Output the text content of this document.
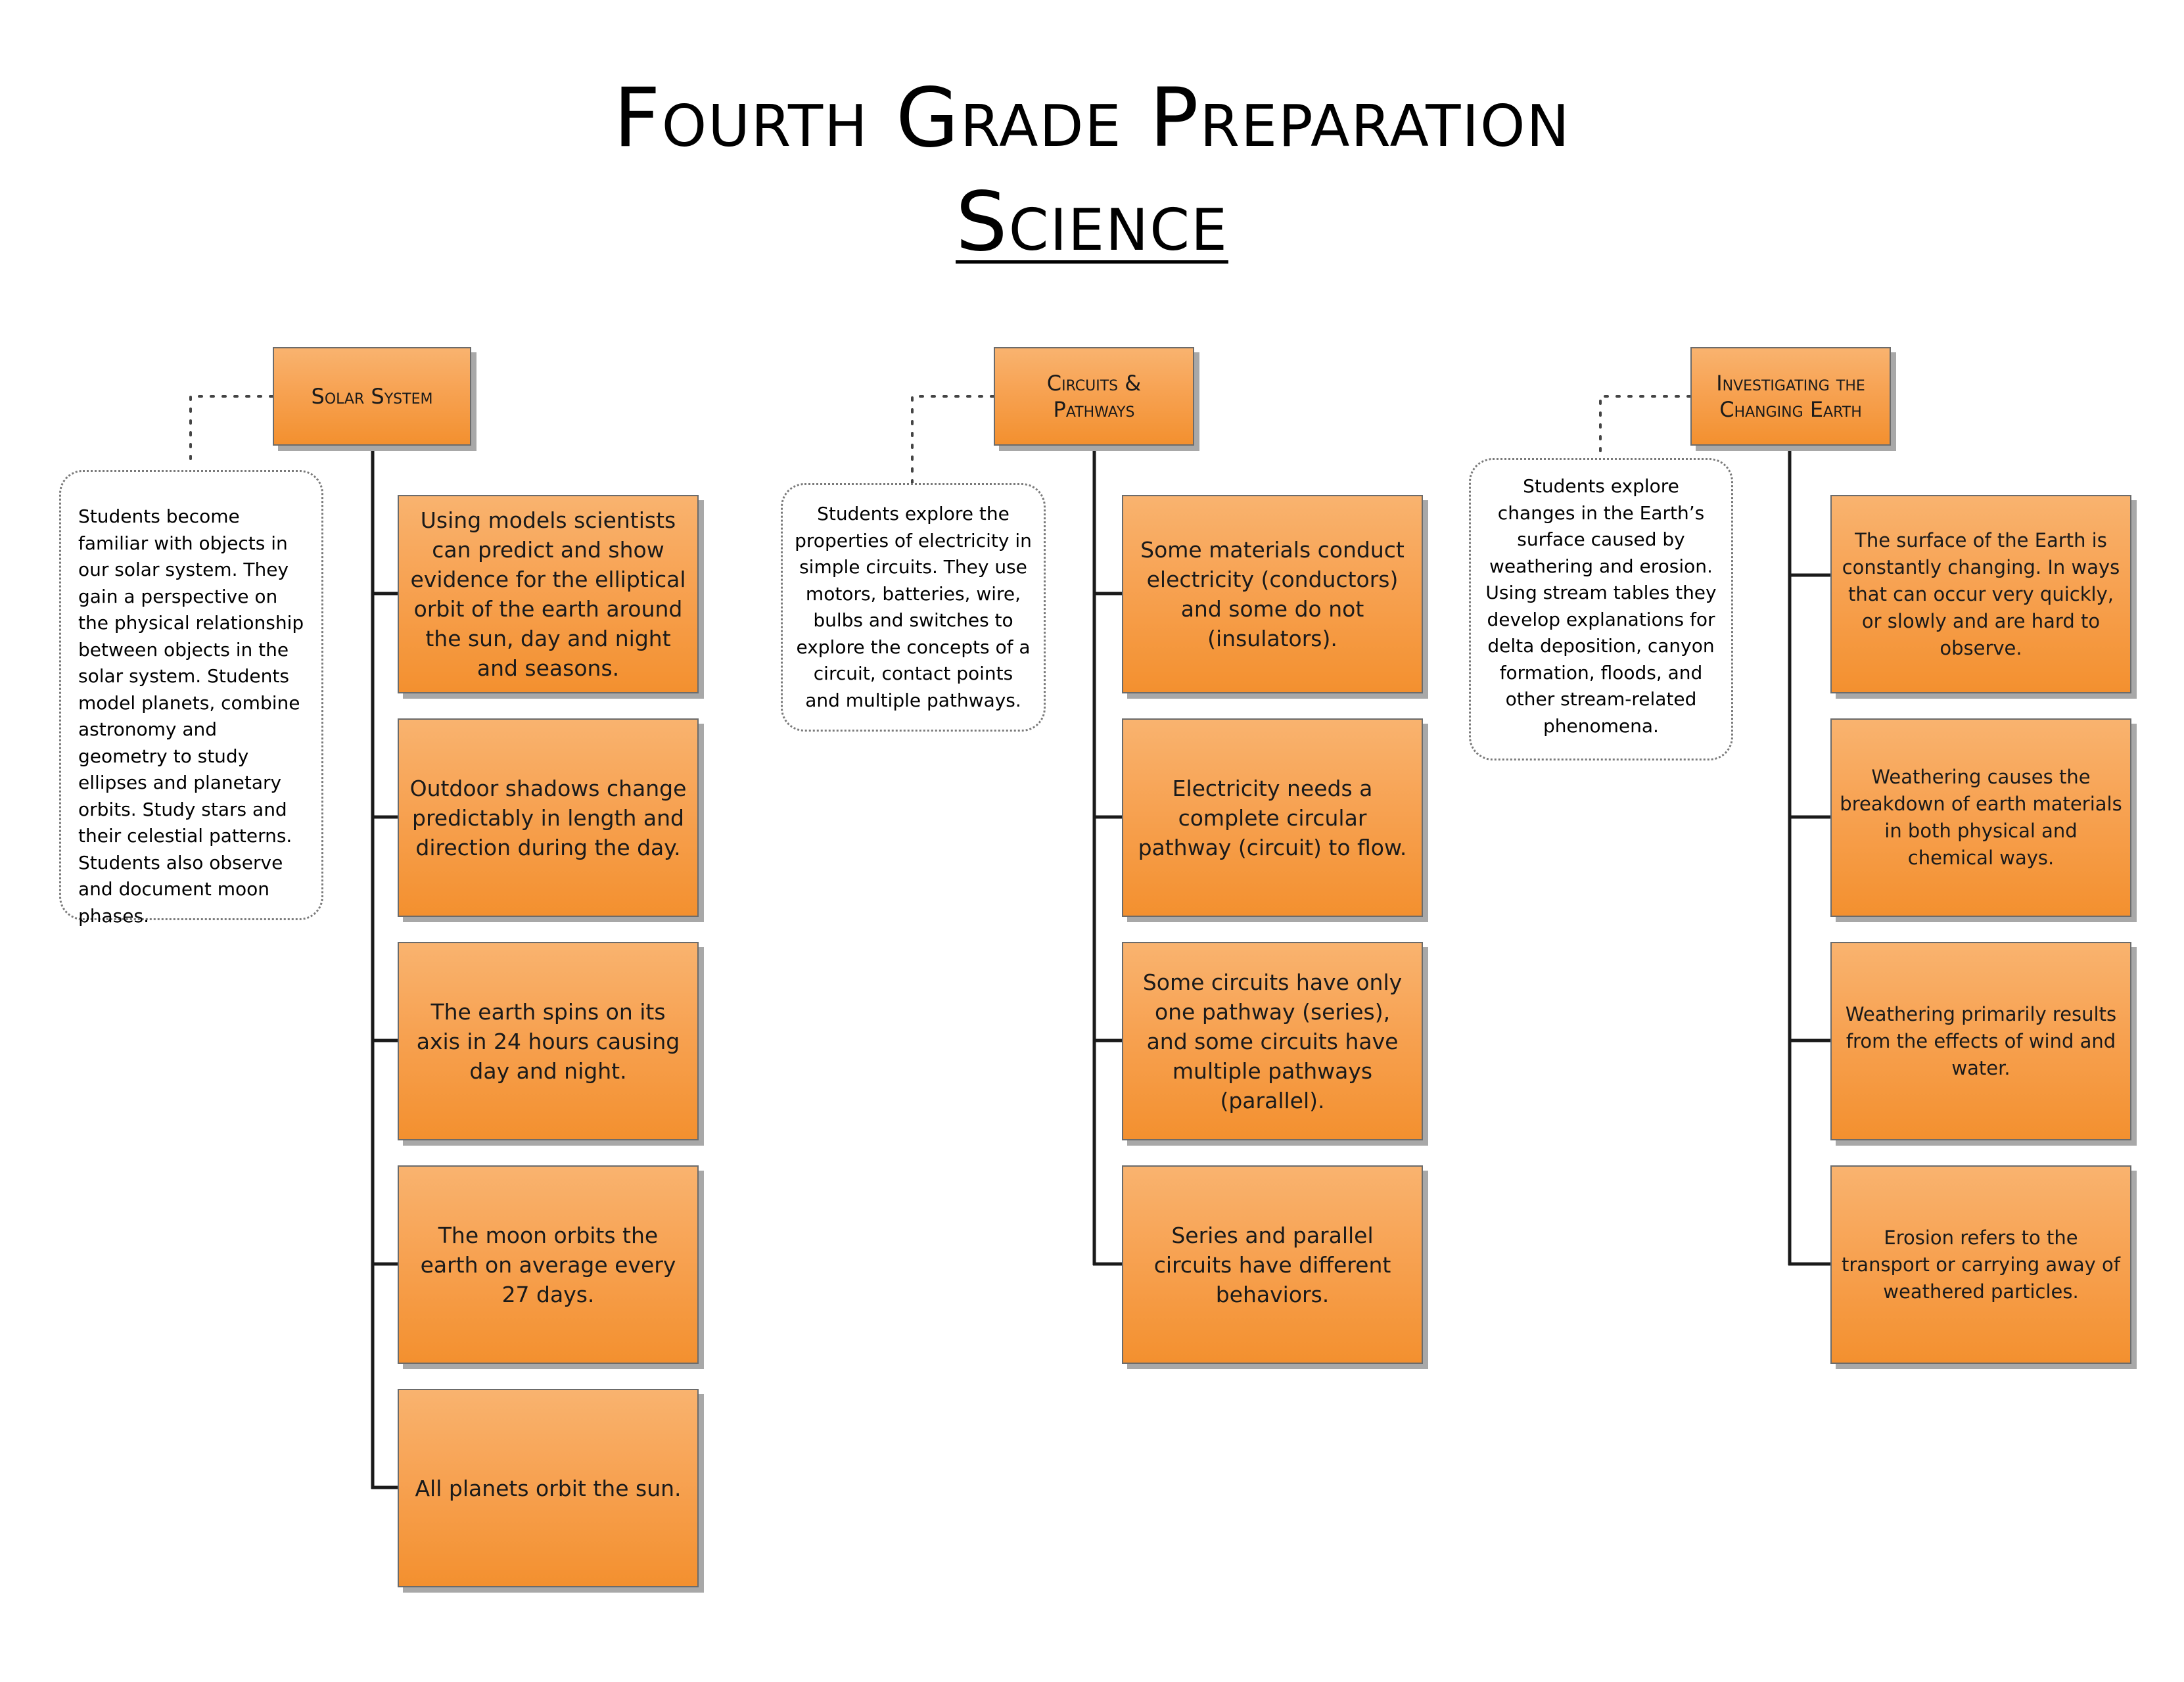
Fourth Grade Preparation
Science
Solar System
Students become familiar with objects in our solar system. They gain a perspective on the physical relationship between objects in the solar system. Students model planets, combine astronomy and geometry to study ellipses and planetary orbits. Study stars and their celestial patterns. Students also observe and document moon phases.
Using models scientists can predict and show evidence for the elliptical orbit of the earth around the sun, day and night and seasons.
Outdoor shadows change predictably in length and direction during the day.
The earth spins on its axis in 24 hours causing day and night.
The moon orbits the earth on average every 27 days.
All planets orbit the sun.
Circuits & Pathways
Students explore the properties of electricity in simple circuits. They use motors, batteries, wire, bulbs and switches to explore the concepts of a circuit, contact points and multiple pathways.
Some materials conduct electricity (conductors) and some do not (insulators).
Electricity needs a complete circular pathway (circuit) to flow.
Some circuits have only one pathway (series), and some circuits have multiple pathways (parallel).
Series and parallel circuits have different behaviors.
Investigating the Changing Earth
Students explore changes in the Earth’s surface caused by weathering and erosion. Using stream tables they develop explanations for delta deposition, canyon formation, floods, and other stream-related phenomena.
The surface of the Earth is constantly changing. In ways that can occur very quickly, or slowly and are hard to observe.
Weathering causes the breakdown of earth materials in both physical and chemical ways.
Weathering primarily results from the effects of wind and water.
Erosion refers to the transport or carrying away of weathered particles.
